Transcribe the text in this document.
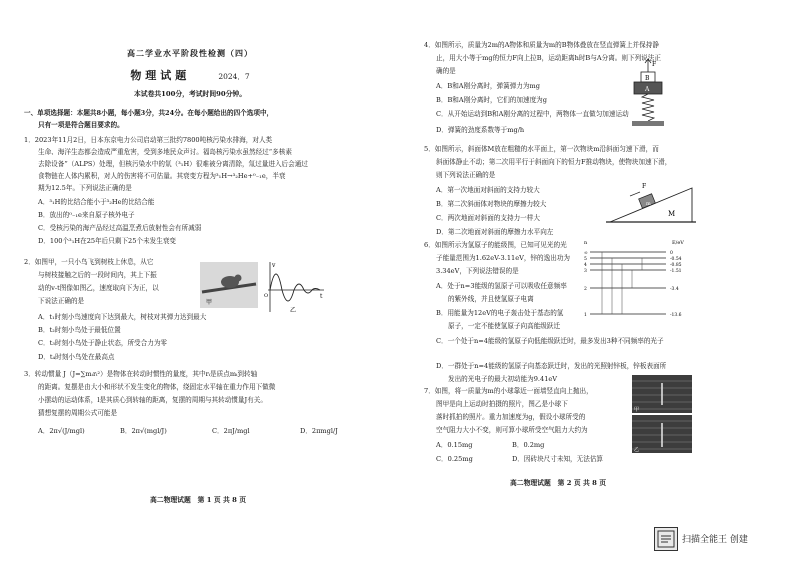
高二学业水平阶段性检测（四）
物理试题	2024．7
本试卷共100分，考试时间90分钟。
一、单项选择题：本题共8小题，每小题3分，共24分。在每小题给出的四个选项中，
只有一项是符合题目要求的。
1．2023年11月2日，日本东京电力公司启动第三批约7800吨核污染水排海，对人类
生命、海洋生态都会造成严重危害，受到多地民众声讨。福岛核污染水虽然经过“多核素
去除设备”（ALPS）处理，但核污染水中的氚（³₁H）很难被分离清除，氚过量进入后会通过
食物链在人体内累积，对人的伤害将不可估量。其衰变方程为³₁H→³₂He+⁰₋₁e，半衰
期为12.5年。下列说法正确的是
A．³₁H的比结合能小于³₂He的比结合能
B．放出的⁰₋₁e来自原子核外电子
C．受核污染的海产品经过高温烹煮后放射性会有所减弱
D．100个³₁H在25年后只剩下25个未发生衰变
2．如图甲，一只小鸟飞到树枝上休息，从它
与树枝接触之后的一段时间内，其上下振
动的v-t图像如图乙，速度取向下为正，以
下说法正确的是
A．t₁时刻小鸟速度向下达到最大，树枝对其弹力达到最大
B．t₂时刻小鸟处于最低位置
C．t₃时刻小鸟处于静止状态，所受合力为零
D．t₄时刻小鸟处在最高点
甲
v
t
O
乙
3．转动惯量 J（J=∑mᵢrᵢ²）是物体在转动时惯性的量度，其中rᵢ是质点mᵢ到转轴
的距离。复摆是由大小和形状不发生变化的物体，绕固定水平轴在重力作用下做微
小摆动的运动体系，l是其质心到转轴的距离，复摆的周期与其转动惯量J有关。
猜想复摆的周期公式可能是
A．2π√(J/mgl)	B．2π√(mgl/J)	C．2πJ/mgl	D．2πmgl/J
高二物理试题　第 1 页 共 8 页
4．如图所示，质量为2m的A物体和质量为m的B物体叠放在竖直弹簧上并保持静
止，用大小等于mg的恒力F向上拉B，运动距离h时B与A分离。则下列说法正
确的是
A．B和A刚分离时，弹簧弹力为mg
B．B和A刚分离时，它们的加速度为g
C．从开始运动到B和A刚分离的过程中，两物体一直做匀加速运动
D．弹簧的劲度系数等于mg/h
F
B
A
5．如图所示，斜面体M放在粗糙的水平面上，第一次物块m沿斜面匀速下滑，而
斜面体静止不动；第二次用平行于斜面向下的恒力F推动物块，使物块加速下滑，
则下列说法正确的是
A．第一次地面对斜面的支持力较大
B．第二次斜面体对物块的摩擦力较大
C．两次地面对斜面的支持力一样大
D．第二次地面对斜面的摩擦力水平向左
F
m
M
6．如图所示为氢原子的能级图，已知可见光的光
子能量范围为1.62eV-3.11eV，锌的逸出功为
3.34eV，下列说法错误的是
A．处于n=3能级的氢原子可以吸收任意频率
的紫外线，并且使氢原子电离
B．用能量为12eV的电子轰击处于基态的氢
原子，一定不能使氢原子向高能级跃迁
C．一个处于n=4能级的氢原子向低能级跃迁时，最多发出3种不同频率的光子
D．一群处于n=4能级的氢原子向基态跃迁时，发出的光照射锌板，锌板表面所
发出的光电子的最大初动能为9.41eV
n	E/eV
∞	0
5	-0.54
4	-0.85
3	-1.51
2	-3.4
1	-13.6
7．如图，将一质量为m的小球靠近一面墙竖直向上抛出，
图甲是向上运动时拍摄的照片，图乙是小球下
落时抓拍的照片。重力加速度为g，假设小球所受的
空气阻力大小不变，则可算小球所受空气阻力大约为
A．0.15mg	B．0.2mg
C．0.25mg	D．因砖块尺寸未知，无法估算
甲
乙
高二物理试题　第 2 页 共 8 页
扫描全能王 创建
